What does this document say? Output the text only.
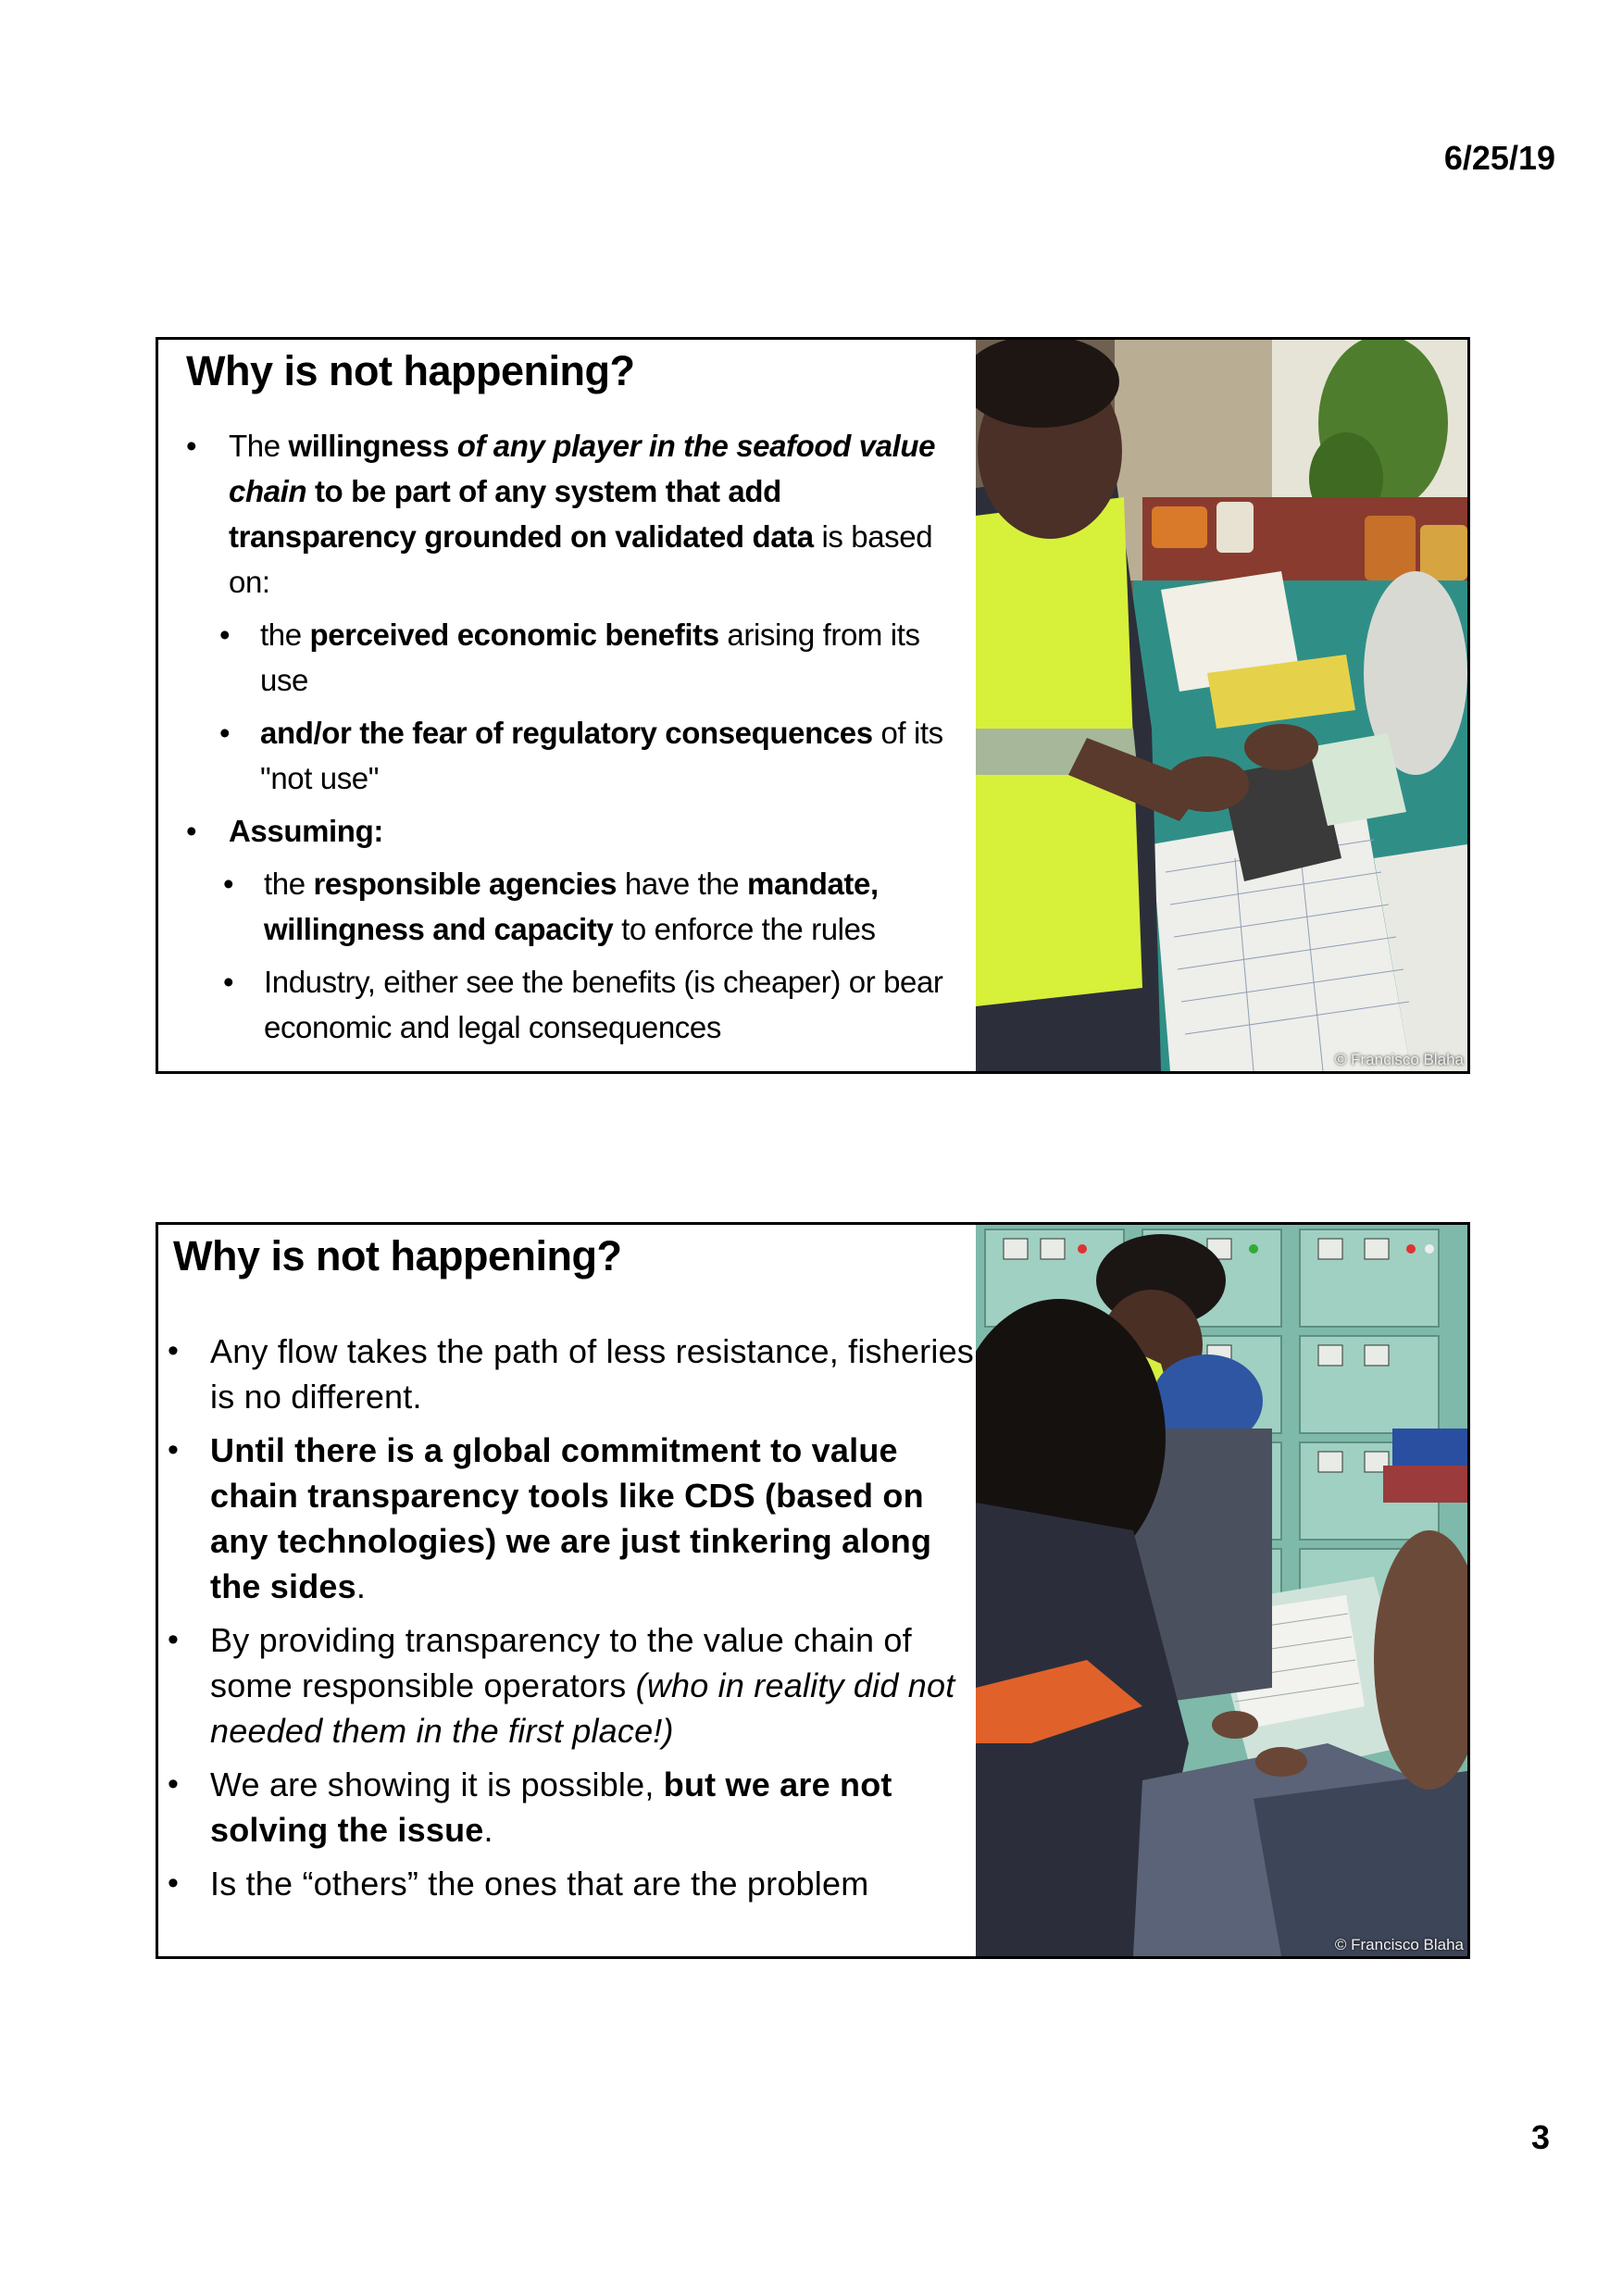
6/25/19
Why is not happening?
• The willingness of any player in the seafood value chain to be part of any system that add transparency grounded on validated data is based on:
• the perceived economic benefits arising from its use
• and/or the fear of regulatory consequences of its "not use"
• Assuming:
• the responsible agencies have the mandate, willingness and capacity to enforce the rules
• Industry, either see the benefits (is cheaper) or bear economic and legal consequences
© Francisco Blaha
Why is not happening?
• Any flow takes the path of less resistance, fisheries is no different.
• Until there is a global commitment to value chain transparency tools like CDS (based on any technologies) we are just tinkering along the sides.
• By providing transparency to the value chain of some responsible operators (who in reality did not needed them in the first place!)
• We are showing it is possible, but we are not solving the issue.
• Is the “others” the ones that are the problem
© Francisco Blaha
3
